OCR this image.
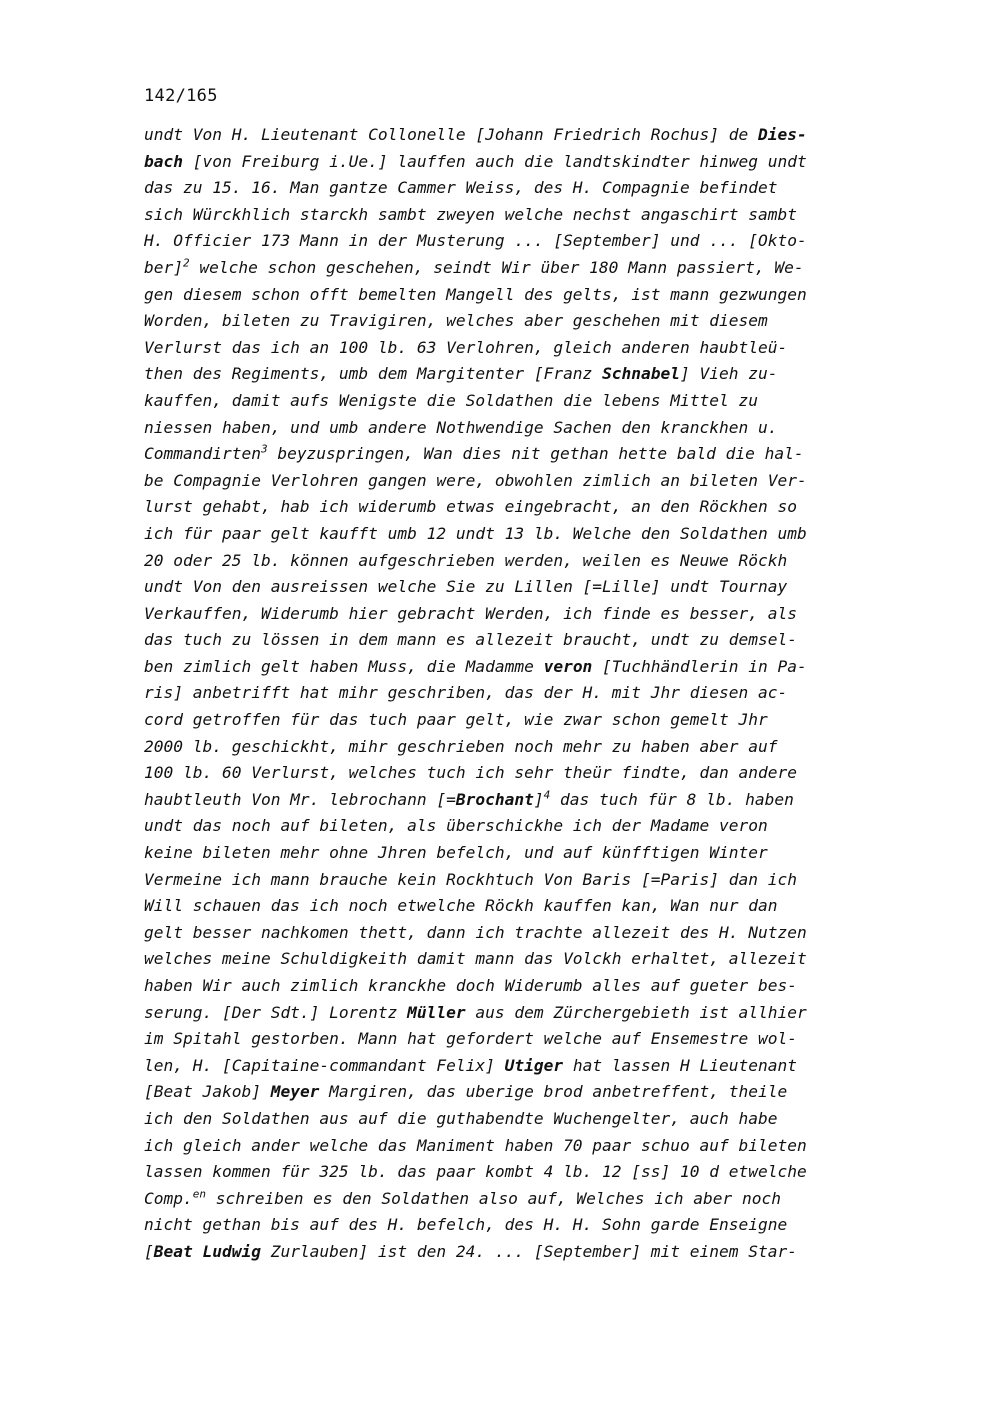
142/165

undt Von H. Lieutenant Collonelle [Johann Friedrich Rochus] de Dies-
bach [von Freiburg i.Ue.] lauffen auch die landtskindter hinweg undt
das zu 15. 16. Man gantze Cammer Weiss, des H. Compagnie befindet
sich Würckhlich starckh sambt zweyen welche nechst angaschirt sambt
H. Officier 173 Mann in der Musterung ... [September] und ... [Okto-
ber]$^2$ welche schon geschehen, seindt Wir über 180 Mann passiert, We-
gen diesem schon offt bemelten Mangell des gelts, ist mann gezwungen
Worden, bileten zu Travigiren, welches aber geschehen mit diesem
Verlurst das ich an 100 lb. 63 Verlohren, gleich anderen haubtleü-
then des Regiments, umb dem Margitenter [Franz Schnabel] Vieh zu-
kauffen, damit aufs Wenigste die Soldathen die lebens Mittel zu
niessen haben, und umb andere Nothwendige Sachen den kranckhen u.
Commandirten$^3$ beyzuspringen, Wan dies nit gethan hette bald die hal-
be Compagnie Verlohren gangen were, obwohlen zimlich an bileten Ver-
lurst gehabt, hab ich widerumb etwas eingebracht, an den Röckhen so
ich für paar gelt kaufft umb 12 undt 13 lb. Welche den Soldathen umb
20 oder 25 lb. können aufgeschrieben werden, weilen es Neuwe Röckh
undt Von den ausreissen welche Sie zu Lillen [=Lille] undt Tournay
Verkauffen, Widerumb hier gebracht Werden, ich finde es besser, als
das tuch zu lössen in dem mann es allezeit braucht, undt zu demsel-
ben zimlich gelt haben Muss, die Madamme veron [Tuchhändlerin in Pa-
ris] anbetrifft hat mihr geschriben, das der H. mit Jhr diesen ac-
cord getroffen für das tuch paar gelt, wie zwar schon gemelt Jhr
2000 lb. geschickht, mihr geschrieben noch mehr zu haben aber auf
100 lb. 60 Verlurst, welches tuch ich sehr theür findte, dan andere
haubtleuth Von Mr. lebrochann [=Brochant]$^4$ das tuch für 8 lb. haben
undt das noch auf bileten, als überschickhe ich der Madame veron
keine bileten mehr ohne Jhren befelch, und auf künfftigen Winter
Vermeine ich mann brauche kein Rockhtuch Von Baris [=Paris] dan ich
Will schauen das ich noch etwelche Röckh kauffen kan, Wan nur dan
gelt besser nachkomen thett, dann ich trachte allezeit des H. Nutzen
welches meine Schuldigkeith damit mann das Volckh erhaltet, allezeit
haben Wir auch zimlich kranckhe doch Widerumb alles auf gueter bes-
serung. [Der Sdt.] Lorentz Müller aus dem Zürchergebieth ist allhier
im Spitahl gestorben. Mann hat gefordert welche auf Ensemestre wol-
len, H. [Capitaine-commandant Felix] Utiger hat lassen H Lieutenant
[Beat Jakob] Meyer Margiren, das uberige brod anbetreffent, theile
ich den Soldathen aus auf die guthabendte Wuchengelter, auch habe
ich gleich ander welche das Maniment haben 70 paar schuo auf bileten
lassen kommen für 325 lb. das paar kombt 4 lb. 12 [ss] 10 d etwelche
Comp.$^{en}$ schreiben es den Soldathen also auf, Welches ich aber noch
nicht gethan bis auf des H. befelch, des H. H. Sohn garde Enseigne
[Beat Ludwig Zurlauben] ist den 24. ... [September] mit einem Star-
